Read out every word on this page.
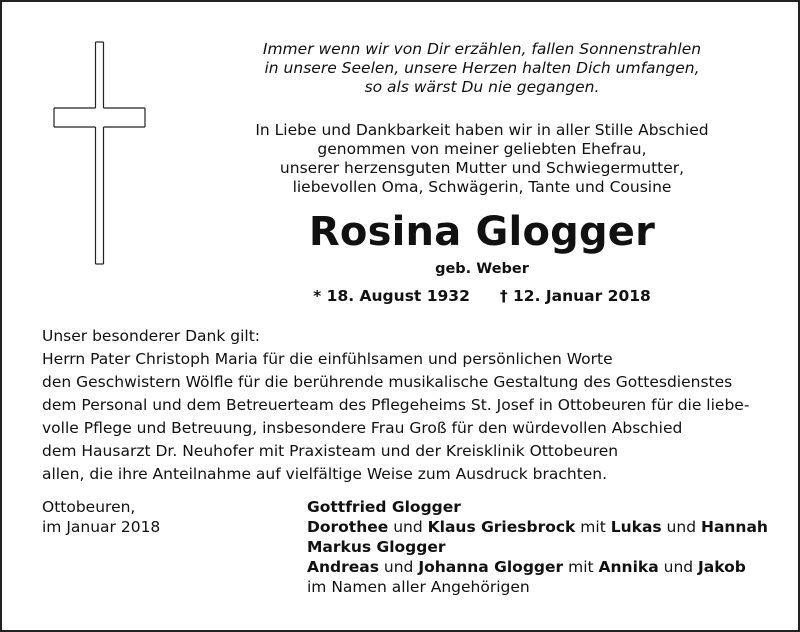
Immer wenn wir von Dir erzählen, fallen Sonnenstrahlen
in unsere Seelen, unsere Herzen halten Dich umfangen,
so als wärst Du nie gegangen.
In Liebe und Dankbarkeit haben wir in aller Stille Abschied
genommen von meiner geliebten Ehefrau,
unserer herzensguten Mutter und Schwiegermutter,
liebevollen Oma, Schwägerin, Tante und Cousine
Rosina Glogger
geb. Weber
* 18. August 1932 † 12. Januar 2018
Unser besonderer Dank gilt:
Herrn Pater Christoph Maria für die einfühlsamen und persönlichen Worte
den Geschwistern Wölfle für die berührende musikalische Gestaltung des Gottesdienstes
dem Personal und dem Betreuerteam des Pflegeheims St. Josef in Ottobeuren für die liebe-
volle Pflege und Betreuung, insbesondere Frau Groß für den würdevollen Abschied
dem Hausarzt Dr. Neuhofer mit Praxisteam und der Kreisklinik Ottobeuren
allen, die ihre Anteilnahme auf vielfältige Weise zum Ausdruck brachten.
Ottobeuren,
im Januar 2018
Gottfried Glogger
Dorothee und Klaus Griesbrock mit Lukas und Hannah
Markus Glogger
Andreas und Johanna Glogger mit Annika und Jakob
im Namen aller Angehörigen
